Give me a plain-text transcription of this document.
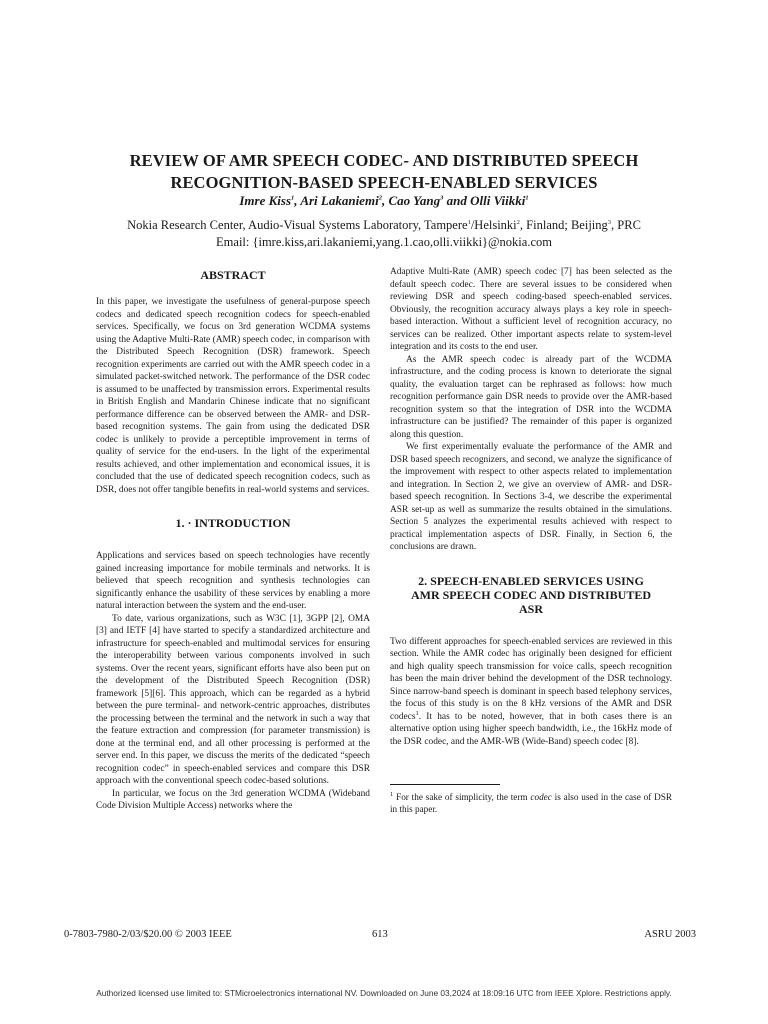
REVIEW OF AMR SPEECH CODEC- AND DISTRIBUTED SPEECH
RECOGNITION-BASED SPEECH-ENABLED SERVICES
Imre Kiss$^1$, Ari Lakaniemi$^2$, Cao Yang$^3$ and Olli Viikki$^1$
Nokia Research Center, Audio-Visual Systems Laboratory, Tampere$^1$/Helsinki$^2$, Finland; Beijing$^3$, PRC
Email: {imre.kiss,ari.lakaniemi,yang.1.cao,olli.viikki}@nokia.com
ABSTRACT

In this paper, we investigate the usefulness of general-purpose speech codecs and dedicated speech recognition codecs for speech-enabled services. Specifically, we focus on 3rd generation WCDMA systems using the Adaptive Multi-Rate (AMR) speech codec, in comparison with the Distributed Speech Recognition (DSR) framework. Speech recognition experiments are carried out with the AMR speech codec in a simulated packet-switched network. The performance of the DSR codec is assumed to be unaffected by transmission errors. Experimental results in British English and Mandarin Chinese indicate that no significant performance difference can be observed between the AMR- and DSR-based recognition systems. The gain from using the dedicated DSR codec is unlikely to provide a perceptible improvement in terms of quality of service for the end-users. In the light of the experimental results achieved, and other implementation and economical issues, it is concluded that the use of dedicated speech recognition codecs, such as DSR, does not offer tangible benefits in real-world systems and services.

1. · INTRODUCTION

Applications and services based on speech technologies have recently gained increasing importance for mobile terminals and networks. It is believed that speech recognition and synthesis technologies can significantly enhance the usability of these services by enabling a more natural interaction between the system and the end-user.

To date, various organizations, such as W3C [1], 3GPP [2], OMA [3] and IETF [4] have started to specify a standardized architecture and infrastructure for speech-enabled and multimodal services for ensuring the interoperability between various components involved in such systems. Over the recent years, significant efforts have also been put on the development of the Distributed Speech Recognition (DSR) framework [5][6]. This approach, which can be regarded as a hybrid between the pure terminal- and network-centric approaches, distributes the processing between the terminal and the network in such a way that the feature extraction and compression (for parameter transmission) is done at the terminal end, and all other processing is performed at the server end. In this paper, we discuss the merits of the dedicated “speech recognition codec” in speech-enabled services and compare this DSR approach with the conventional speech codec-based solutions.

In particular, we focus on the 3rd generation WCDMA (Wideband Code Division Multiple Access) networks where the

Adaptive Multi-Rate (AMR) speech codec [7] has been selected as the default speech codec. There are several issues to be considered when reviewing DSR and speech coding-based speech-enabled services. Obviously, the recognition accuracy always plays a key role in speech-based interaction. Without a sufficient level of recognition accuracy, no services can be realized. Other important aspects relate to system-level integration and its costs to the end user.

As the AMR speech codec is already part of the WCDMA infrastructure, and the coding process is known to deteriorate the signal quality, the evaluation target can be rephrased as follows: how much recognition performance gain DSR needs to provide over the AMR-based recognition system so that the integration of DSR into the WCDMA infrastructure can be justified? The remainder of this paper is organized along this question.

We first experimentally evaluate the performance of the AMR and DSR based speech recognizers, and second, we analyze the significance of the improvement with respect to other aspects related to implementation and integration. In Section 2, we give an overview of AMR- and DSR-based speech recognition. In Sections 3-4, we describe the experimental ASR set-up as well as summarize the results obtained in the simulations. Section 5 analyzes the experimental results achieved with respect to practical implementation aspects of DSR. Finally, in Section 6, the conclusions are drawn.

2. SPEECH-ENABLED SERVICES USING
AMR SPEECH CODEC AND DISTRIBUTED
ASR

Two different approaches for speech-enabled services are reviewed in this section. While the AMR codec has originally been designed for efficient and high quality speech transmission for voice calls, speech recognition has been the main driver behind the development of the DSR technology. Since narrow-band speech is dominant in speech based telephony services, the focus of this study is on the 8 kHz versions of the AMR and DSR codecs$^1$. It has to be noted, however, that in both cases there is an alternative option using higher speech bandwidth, i.e., the 16kHz mode of the DSR codec, and the AMR-WB (Wide-Band) speech codec [8].

$^1$ For the sake of simplicity, the term codec is also used in the case of DSR in this paper.

0-7803-7980-2/03/$20.00 © 2003 IEEE	613	ASRU 2003
Authorized licensed use limited to: STMicroelectronics international NV. Downloaded on June 03,2024 at 18:09:16 UTC from IEEE Xplore. Restrictions apply.
